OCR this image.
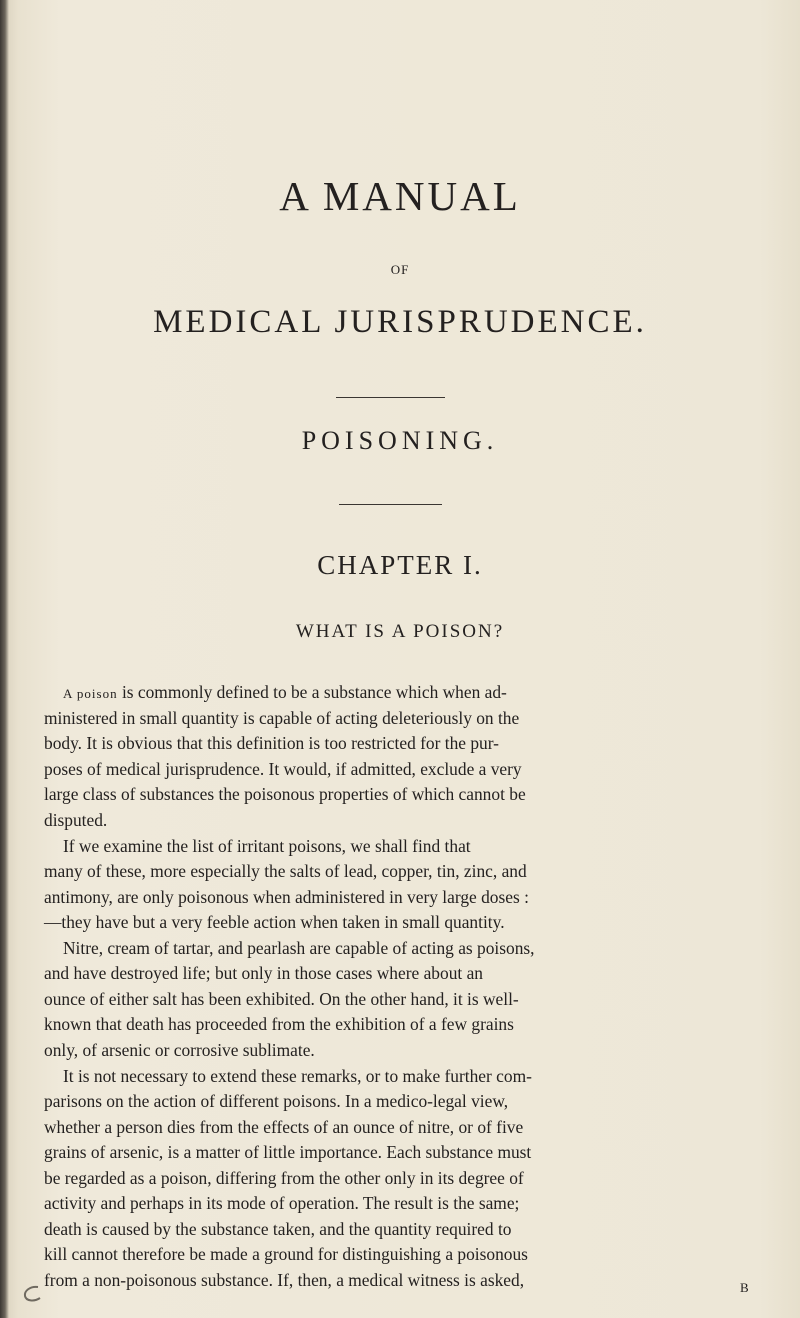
A MANUAL
OF
MEDICAL JURISPRUDENCE.
POISONING.
CHAPTER I.
WHAT IS A POISON?
A poison is commonly defined to be a substance which when ad-
ministered in small quantity is capable of acting deleteriously on the
body. It is obvious that this definition is too restricted for the pur-
poses of medical jurisprudence. It would, if admitted, exclude a very
large class of substances the poisonous properties of which cannot be
disputed.
If we examine the list of irritant poisons, we shall find that
many of these, more especially the salts of lead, copper, tin, zinc, and
antimony, are only poisonous when administered in very large doses :
—they have but a very feeble action when taken in small quantity.
Nitre, cream of tartar, and pearlash are capable of acting as poisons,
and have destroyed life; but only in those cases where about an
ounce of either salt has been exhibited. On the other hand, it is well-
known that death has proceeded from the exhibition of a few grains
only, of arsenic or corrosive sublimate.
It is not necessary to extend these remarks, or to make further com-
parisons on the action of different poisons. In a medico-legal view,
whether a person dies from the effects of an ounce of nitre, or of five
grains of arsenic, is a matter of little importance. Each substance must
be regarded as a poison, differing from the other only in its degree of
activity and perhaps in its mode of operation. The result is the same;
death is caused by the substance taken, and the quantity required to
kill cannot therefore be made a ground for distinguishing a poisonous
from a non-poisonous substance. If, then, a medical witness is asked,	B
